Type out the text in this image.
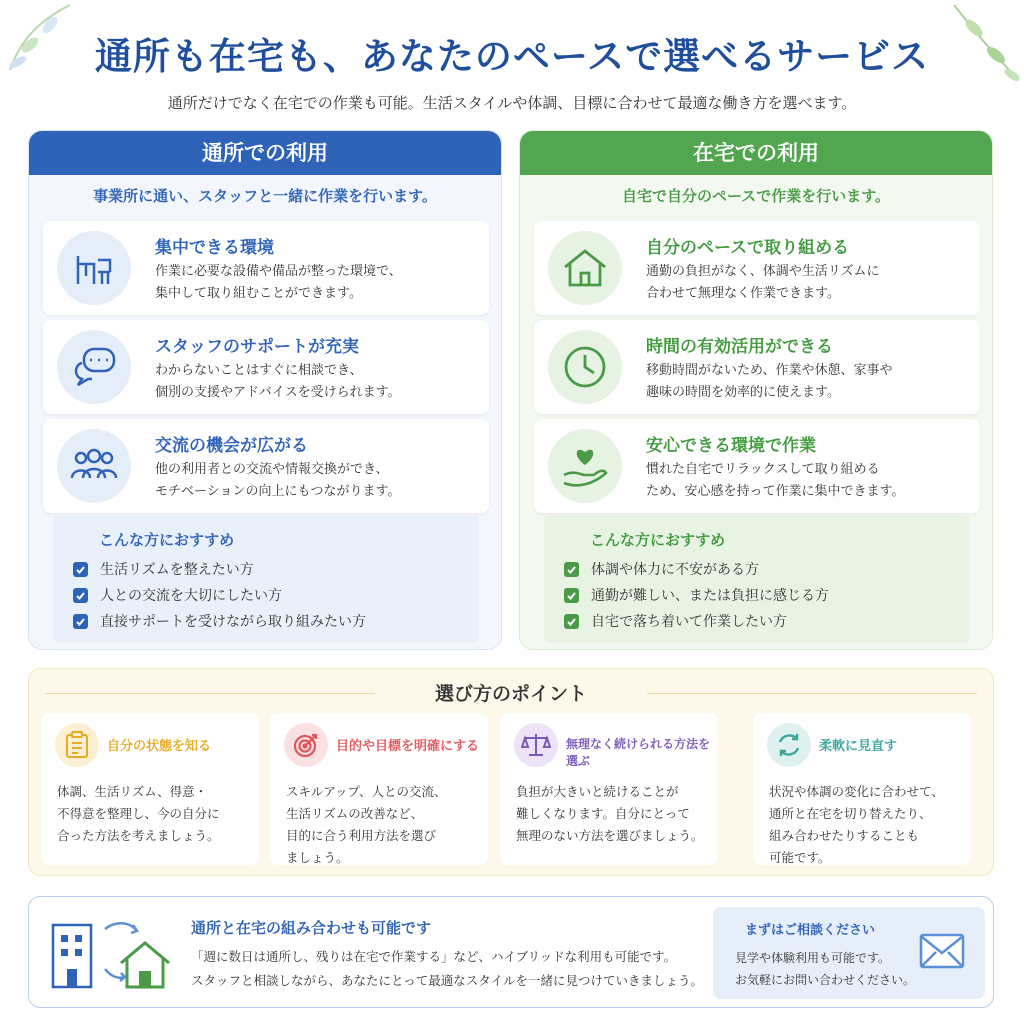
通所も在宅も、あなたのペースで選べるサービス
通所だけでなく在宅での作業も可能。生活スタイルや体調、目標に合わせて最適な働き方を選べます。
通所での利用
事業所に通い、スタッフと一緒に作業を行います。
集中できる環境
作業に必要な設備や備品が整った環境で、
集中して取り組むことができます。
スタッフのサポートが充実
わからないことはすぐに相談でき、
個別の支援やアドバイスを受けられます。
交流の機会が広がる
他の利用者との交流や情報交換ができ、
モチベーションの向上にもつながります。
こんな方におすすめ
生活リズムを整えたい方
人との交流を大切にしたい方
直接サポートを受けながら取り組みたい方
在宅での利用
自宅で自分のペースで作業を行います。
自分のペースで取り組める
通勤の負担がなく、体調や生活リズムに
合わせて無理なく作業できます。
時間の有効活用ができる
移動時間がないため、作業や休憩、家事や
趣味の時間を効率的に使えます。
安心できる環境で作業
慣れた自宅でリラックスして取り組める
ため、安心感を持って作業に集中できます。
こんな方におすすめ
体調や体力に不安がある方
通勤が難しい、または負担に感じる方
自宅で落ち着いて作業したい方
選び方のポイント
自分の状態を知る
体調、生活リズム、得意・
不得意を整理し、今の自分に
合った方法を考えましょう。
目的や目標を明確にする
スキルアップ、人との交流、
生活リズムの改善など、
目的に合う利用方法を選び
ましょう。
無理なく続けられる方法を選ぶ
負担が大きいと続けることが
難しくなります。自分にとって
無理のない方法を選びましょう。
柔軟に見直す
状況や体調の変化に合わせて、
通所と在宅を切り替えたり、
組み合わせたりすることも
可能です。
通所と在宅の組み合わせも可能です
「週に数日は通所し、残りは在宅で作業する」など、ハイブリッドな利用も可能です。
スタッフと相談しながら、あなたにとって最適なスタイルを一緒に見つけていきましょう。
まずはご相談ください
見学や体験利用も可能です。
お気軽にお問い合わせください。
